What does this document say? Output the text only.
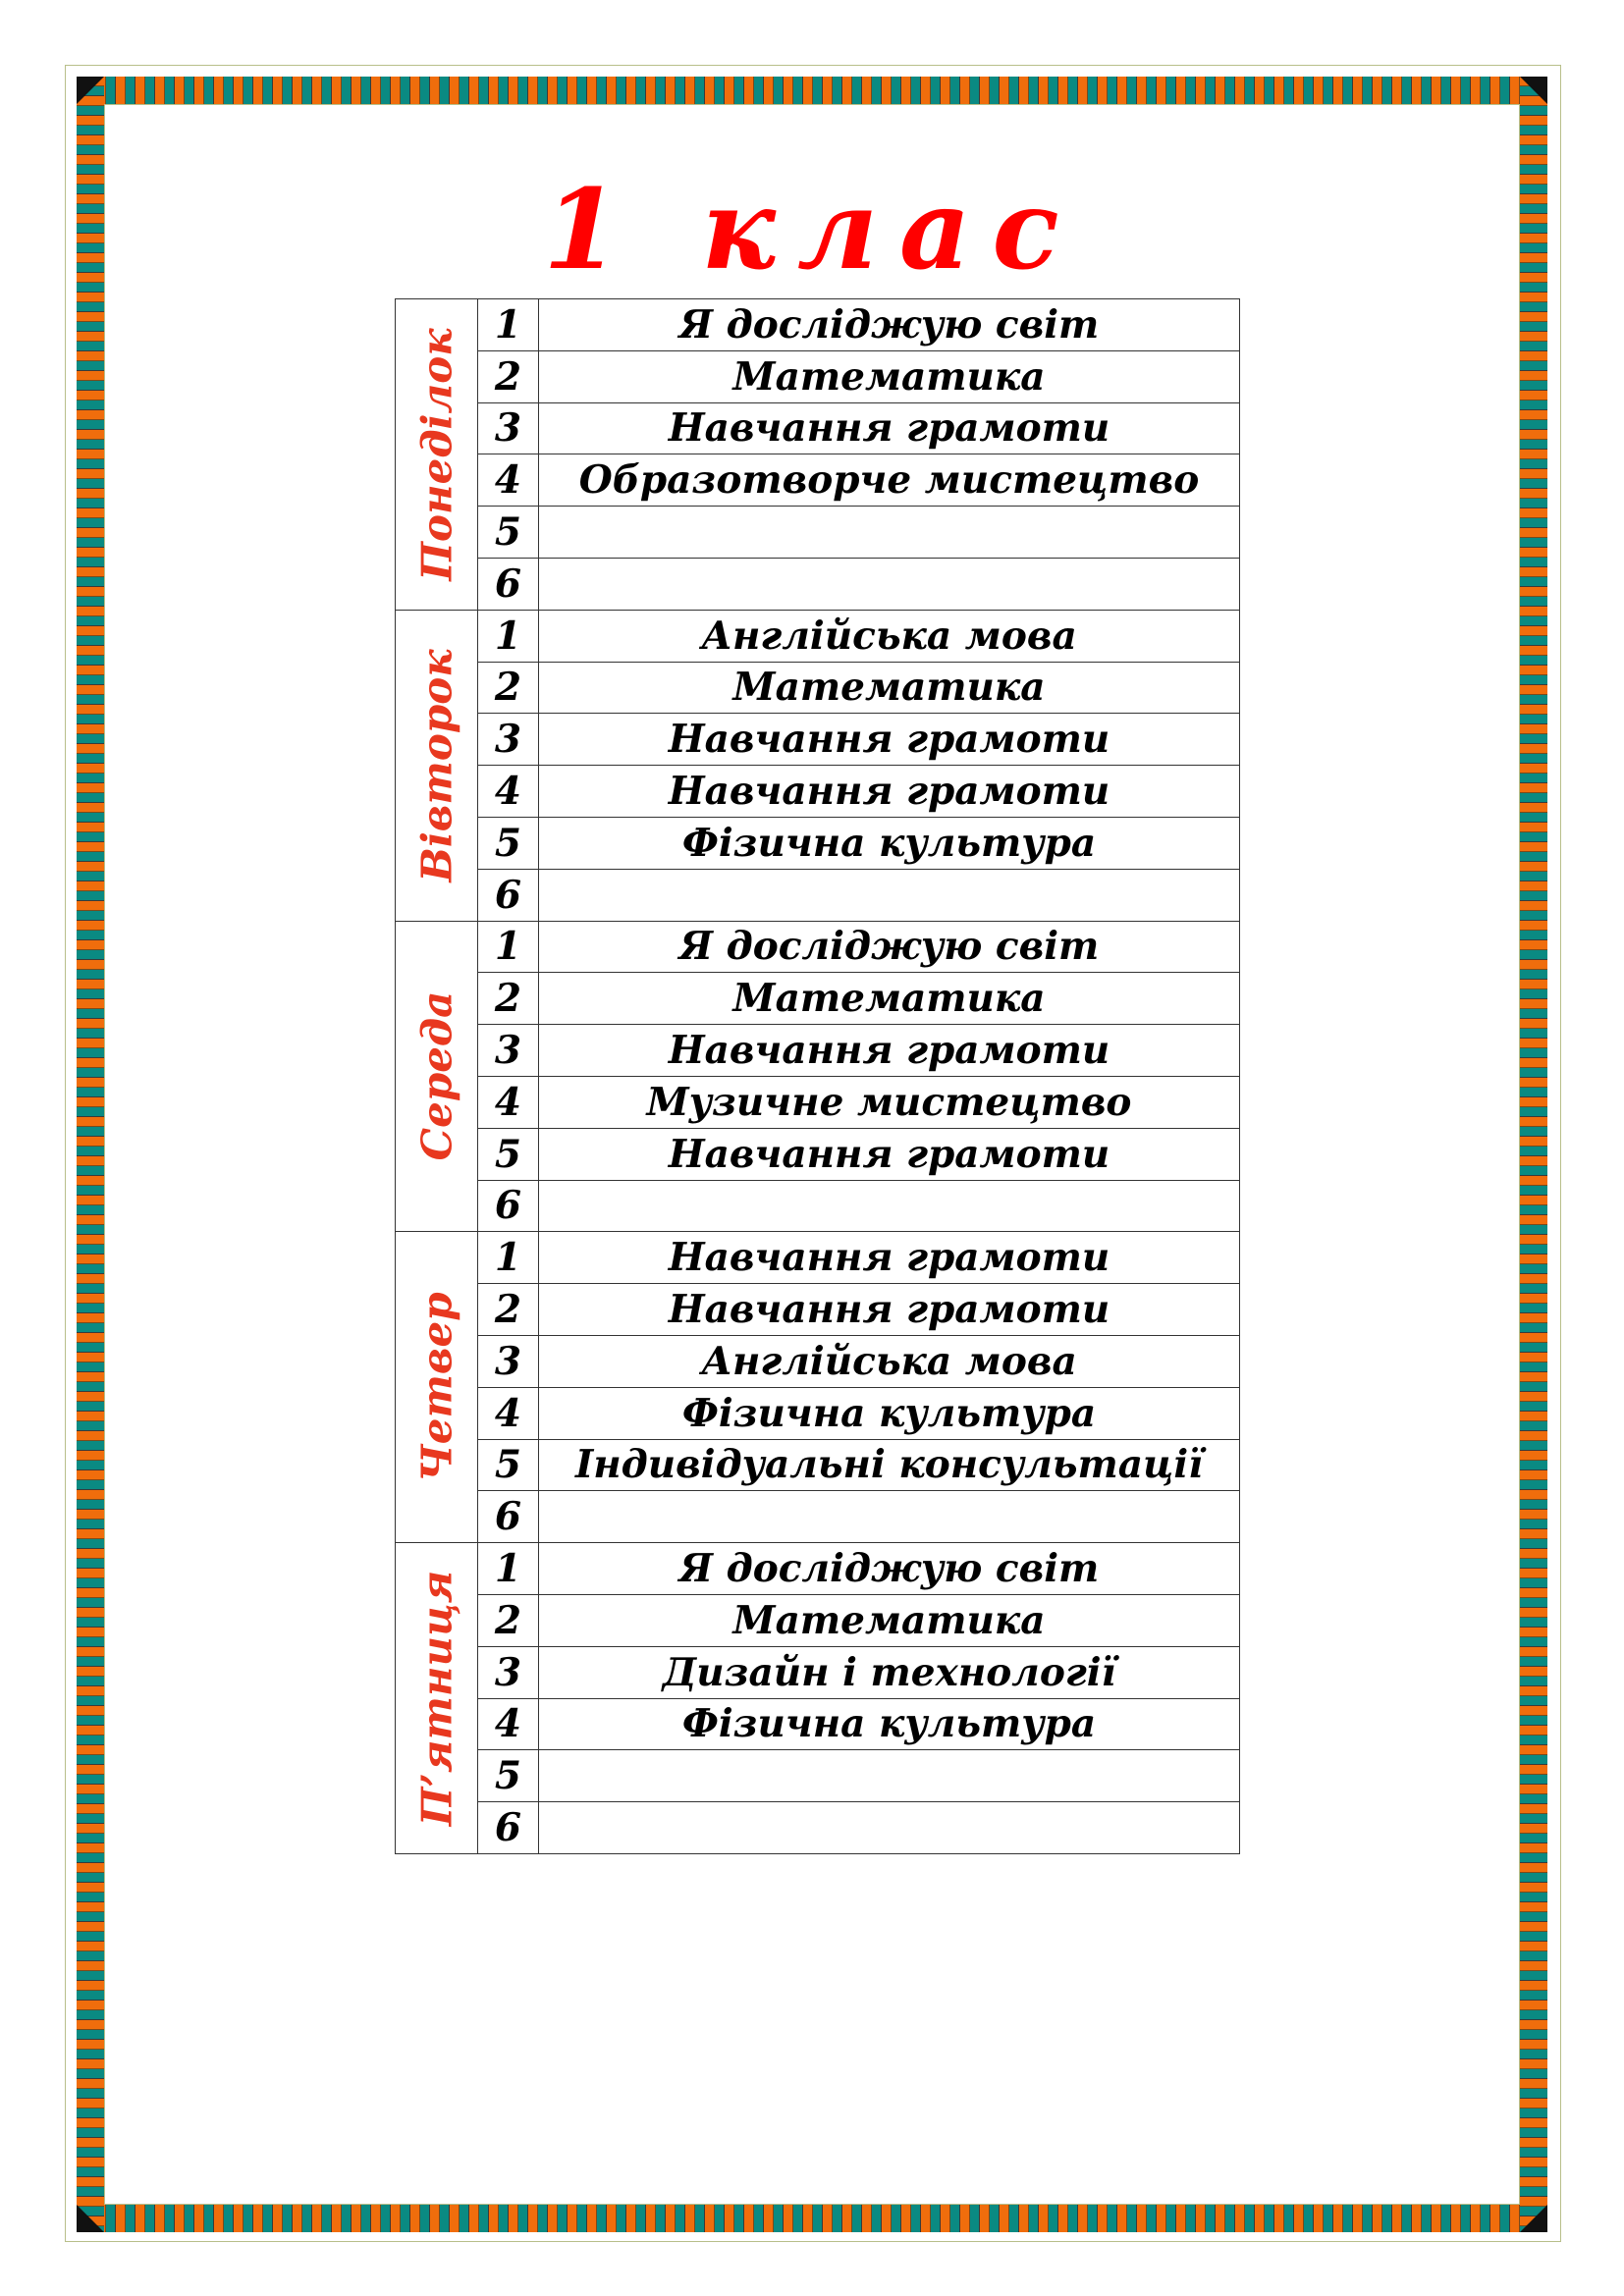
1 клас
Понеділок	1	Я досліджую світ
	2	Математика
	3	Навчання грамоти
	4	Образотворче мистецтво
	5	
	6	

Вівторок	1	Англійська мова
	2	Математика
	3	Навчання грамоти
	4	Навчання грамоти
	5	Фізична культура
	6	

Середа	1	Я досліджую світ
	2	Математика
	3	Навчання грамоти
	4	Музичне мистецтво
	5	Навчання грамоти
	6	

Четвер	1	Навчання грамоти
	2	Навчання грамоти
	3	Англійська мова
	4	Фізична культура
	5	Індивідуальні консультації
	6	

П’ятниця	1	Я досліджую світ
	2	Математика
	3	Дизайн і технології
	4	Фізична культура
	5	
	6	
